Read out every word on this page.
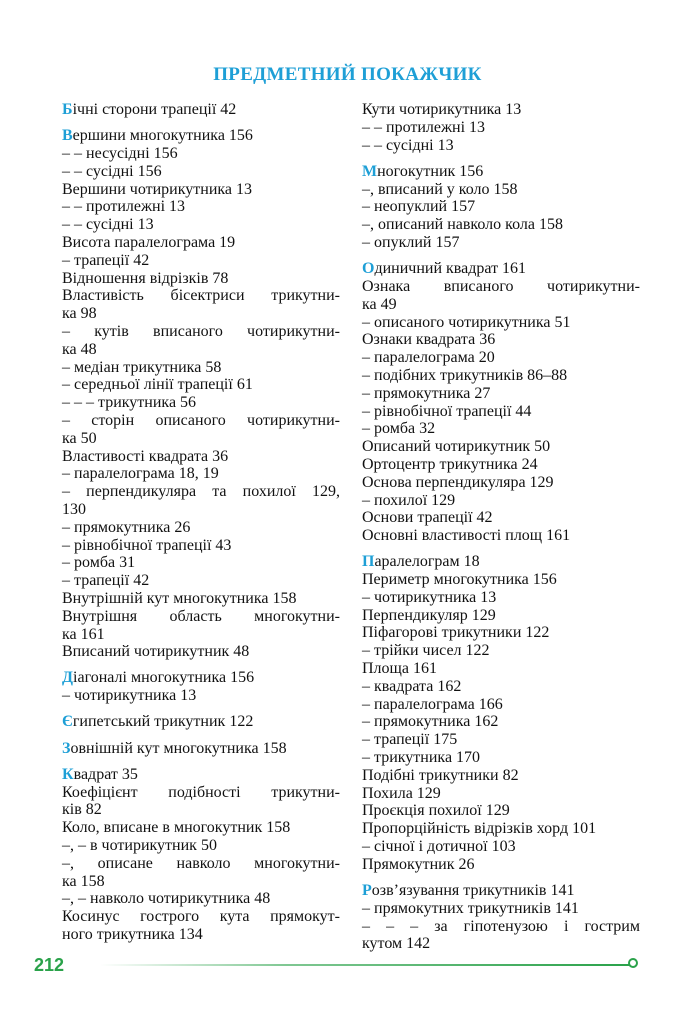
ПРЕДМЕТНИЙ ПОКАЖЧИК
Бічні сторони трапеції 42
Вершини многокутника 156
– – несусідні 156
– – сусідні 156
Вершини чотирикутника 13
– – протилежні 13
– – сусідні 13
Висота паралелограма 19
– трапеції 42
Відношення відрізків 78
Властивість бісектриси трикутни-
ка 98
– кутів вписаного чотирикутни-
ка 48
– медіан трикутника 58
– середньої лінії трапеції 61
– – – трикутника 56
– сторін описаного чотирикутни-
ка 50
Властивості квадрата 36
– паралелограма 18, 19
– перпендикуляра та похилої 129,
130
– прямокутника 26
– рівнобічної трапеції 43
– ромба 31
– трапеції 42
Внутрішній кут многокутника 158
Внутрішня область многокутни-
ка 161
Вписаний чотирикутник 48
Діагоналі многокутника 156
– чотирикутника 13
Єгипетський трикутник 122
Зовнішній кут многокутника 158
Квадрат 35
Коефіцієнт подібності трикутни-
ків 82
Коло, вписане в многокутник 158
–, – в чотирикутник 50
–, описане навколо многокутни-
ка 158
–, – навколо чотирикутника 48
Косинус гострого кута прямокут-
ного трикутника 134
Кути чотирикутника 13
– – протилежні 13
– – сусідні 13
Многокутник 156
–, вписаний у коло 158
– неопуклий 157
–, описаний навколо кола 158
– опуклий 157
Одиничний квадрат 161
Ознака вписаного чотирикутни-
ка 49
– описаного чотирикутника 51
Ознаки квадрата 36
– паралелограма 20
– подібних трикутників 86–88
– прямокутника 27
– рівнобічної трапеції 44
– ромба 32
Описаний чотирикутник 50
Ортоцентр трикутника 24
Основа перпендикуляра 129
– похилої 129
Основи трапеції 42
Основні властивості площ 161
Паралелограм 18
Периметр многокутника 156
– чотирикутника 13
Перпендикуляр 129
Піфагорові трикутники 122
– трійки чисел 122
Площа 161
– квадрата 162
– паралелограма 166
– прямокутника 162
– трапеції 175
– трикутника 170
Подібні трикутники 82
Похила 129
Проєкція похилої 129
Пропорційність відрізків хорд 101
– січної і дотичної 103
Прямокутник 26
Розв’язування трикутників 141
– прямокутних трикутників 141
– – – за гіпотенузою і гострим
кутом 142
212
